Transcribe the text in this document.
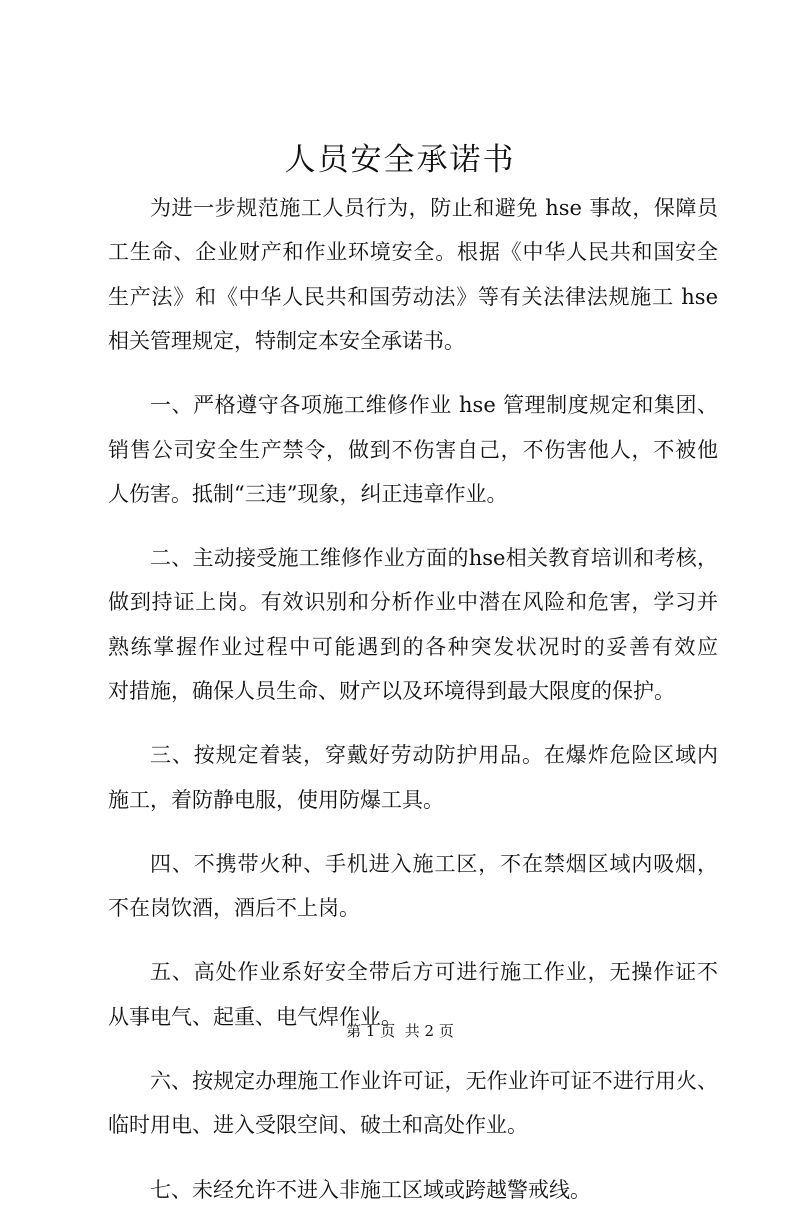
人员安全承诺书
为进一步规范施工人员行为，防止和避免 hse 事故，保障员
工生命、企业财产和作业环境安全。根据《中华人民共和国安全
生产法》和《中华人民共和国劳动法》等有关法律法规施工 hse
相关管理规定，特制定本安全承诺书。
一、严格遵守各项施工维修作业 hse 管理制度规定和集团、
销售公司安全生产禁令，做到不伤害自己，不伤害他人，不被他
人伤害。抵制“三违”现象，纠正违章作业。
二、主动接受施工维修作业方面的hse相关教育培训和考核，
做到持证上岗。有效识别和分析作业中潜在风险和危害，学习并
熟练掌握作业过程中可能遇到的各种突发状况时的妥善有效应
对措施，确保人员生命、财产以及环境得到最大限度的保护。
三、按规定着装，穿戴好劳动防护用品。在爆炸危险区域内
施工，着防静电服，使用防爆工具。
四、不携带火种、手机进入施工区，不在禁烟区域内吸烟，
不在岗饮酒，酒后不上岗。
五、高处作业系好安全带后方可进行施工作业，无操作证不
从事电气、起重、电气焊作业。
六、按规定办理施工作业许可证，无作业许可证不进行用火、
临时用电、进入受限空间、破土和高处作业。
七、未经允许不进入非施工区域或跨越警戒线。
第 1 页  共 2 页
